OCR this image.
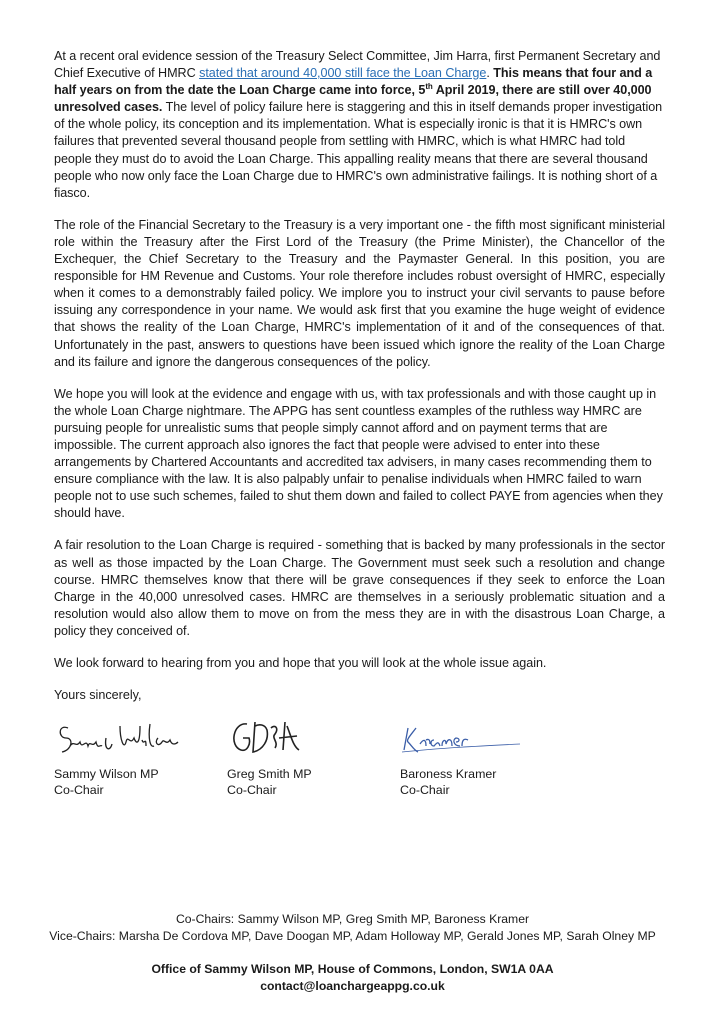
At a recent oral evidence session of the Treasury Select Committee, Jim Harra, first Permanent Secretary and Chief Executive of HMRC stated that around 40,000 still face the Loan Charge. This means that four and a half years on from the date the Loan Charge came into force, 5th April 2019, there are still over 40,000 unresolved cases. The level of policy failure here is staggering and this in itself demands proper investigation of the whole policy, its conception and its implementation. What is especially ironic is that it is HMRC's own failures that prevented several thousand people from settling with HMRC, which is what HMRC had told people they must do to avoid the Loan Charge. This appalling reality means that there are several thousand people who now only face the Loan Charge due to HMRC's own administrative failings. It is nothing short of a fiasco.

The role of the Financial Secretary to the Treasury is a very important one - the fifth most significant ministerial role within the Treasury after the First Lord of the Treasury (the Prime Minister), the Chancellor of the Exchequer, the Chief Secretary to the Treasury and the Paymaster General. In this position, you are responsible for HM Revenue and Customs. Your role therefore includes robust oversight of HMRC, especially when it comes to a demonstrably failed policy. We implore you to instruct your civil servants to pause before issuing any correspondence in your name. We would ask first that you examine the huge weight of evidence that shows the reality of the Loan Charge, HMRC's implementation of it and of the consequences of that. Unfortunately in the past, answers to questions have been issued which ignore the reality of the Loan Charge and its failure and ignore the dangerous consequences of the policy.

We hope you will look at the evidence and engage with us, with tax professionals and with those caught up in the whole Loan Charge nightmare. The APPG has sent countless examples of the ruthless way HMRC are pursuing people for unrealistic sums that people simply cannot afford and on payment terms that are impossible. The current approach also ignores the fact that people were advised to enter into these arrangements by Chartered Accountants and accredited tax advisers, in many cases recommending them to ensure compliance with the law. It is also palpably unfair to penalise individuals when HMRC failed to warn people not to use such schemes, failed to shut them down and failed to collect PAYE from agencies when they should have.

A fair resolution to the Loan Charge is required - something that is backed by many professionals in the sector as well as those impacted by the Loan Charge. The Government must seek such a resolution and change course. HMRC themselves know that there will be grave consequences if they seek to enforce the Loan Charge in the 40,000 unresolved cases. HMRC are themselves in a seriously problematic situation and a resolution would also allow them to move on from the mess they are in with the disastrous Loan Charge, a policy they conceived of.

We look forward to hearing from you and hope that you will look at the whole issue again.

Yours sincerely,

Sammy Wilson MP
Co-Chair
Greg Smith MP
Co-Chair
Baroness Kramer
Co-Chair
Co-Chairs: Sammy Wilson MP, Greg Smith MP, Baroness Kramer
Vice-Chairs: Marsha De Cordova MP, Dave Doogan MP, Adam Holloway MP, Gerald Jones MP, Sarah Olney MP
Office of Sammy Wilson MP, House of Commons, London, SW1A 0AA
contact@loanchargeappg.co.uk
